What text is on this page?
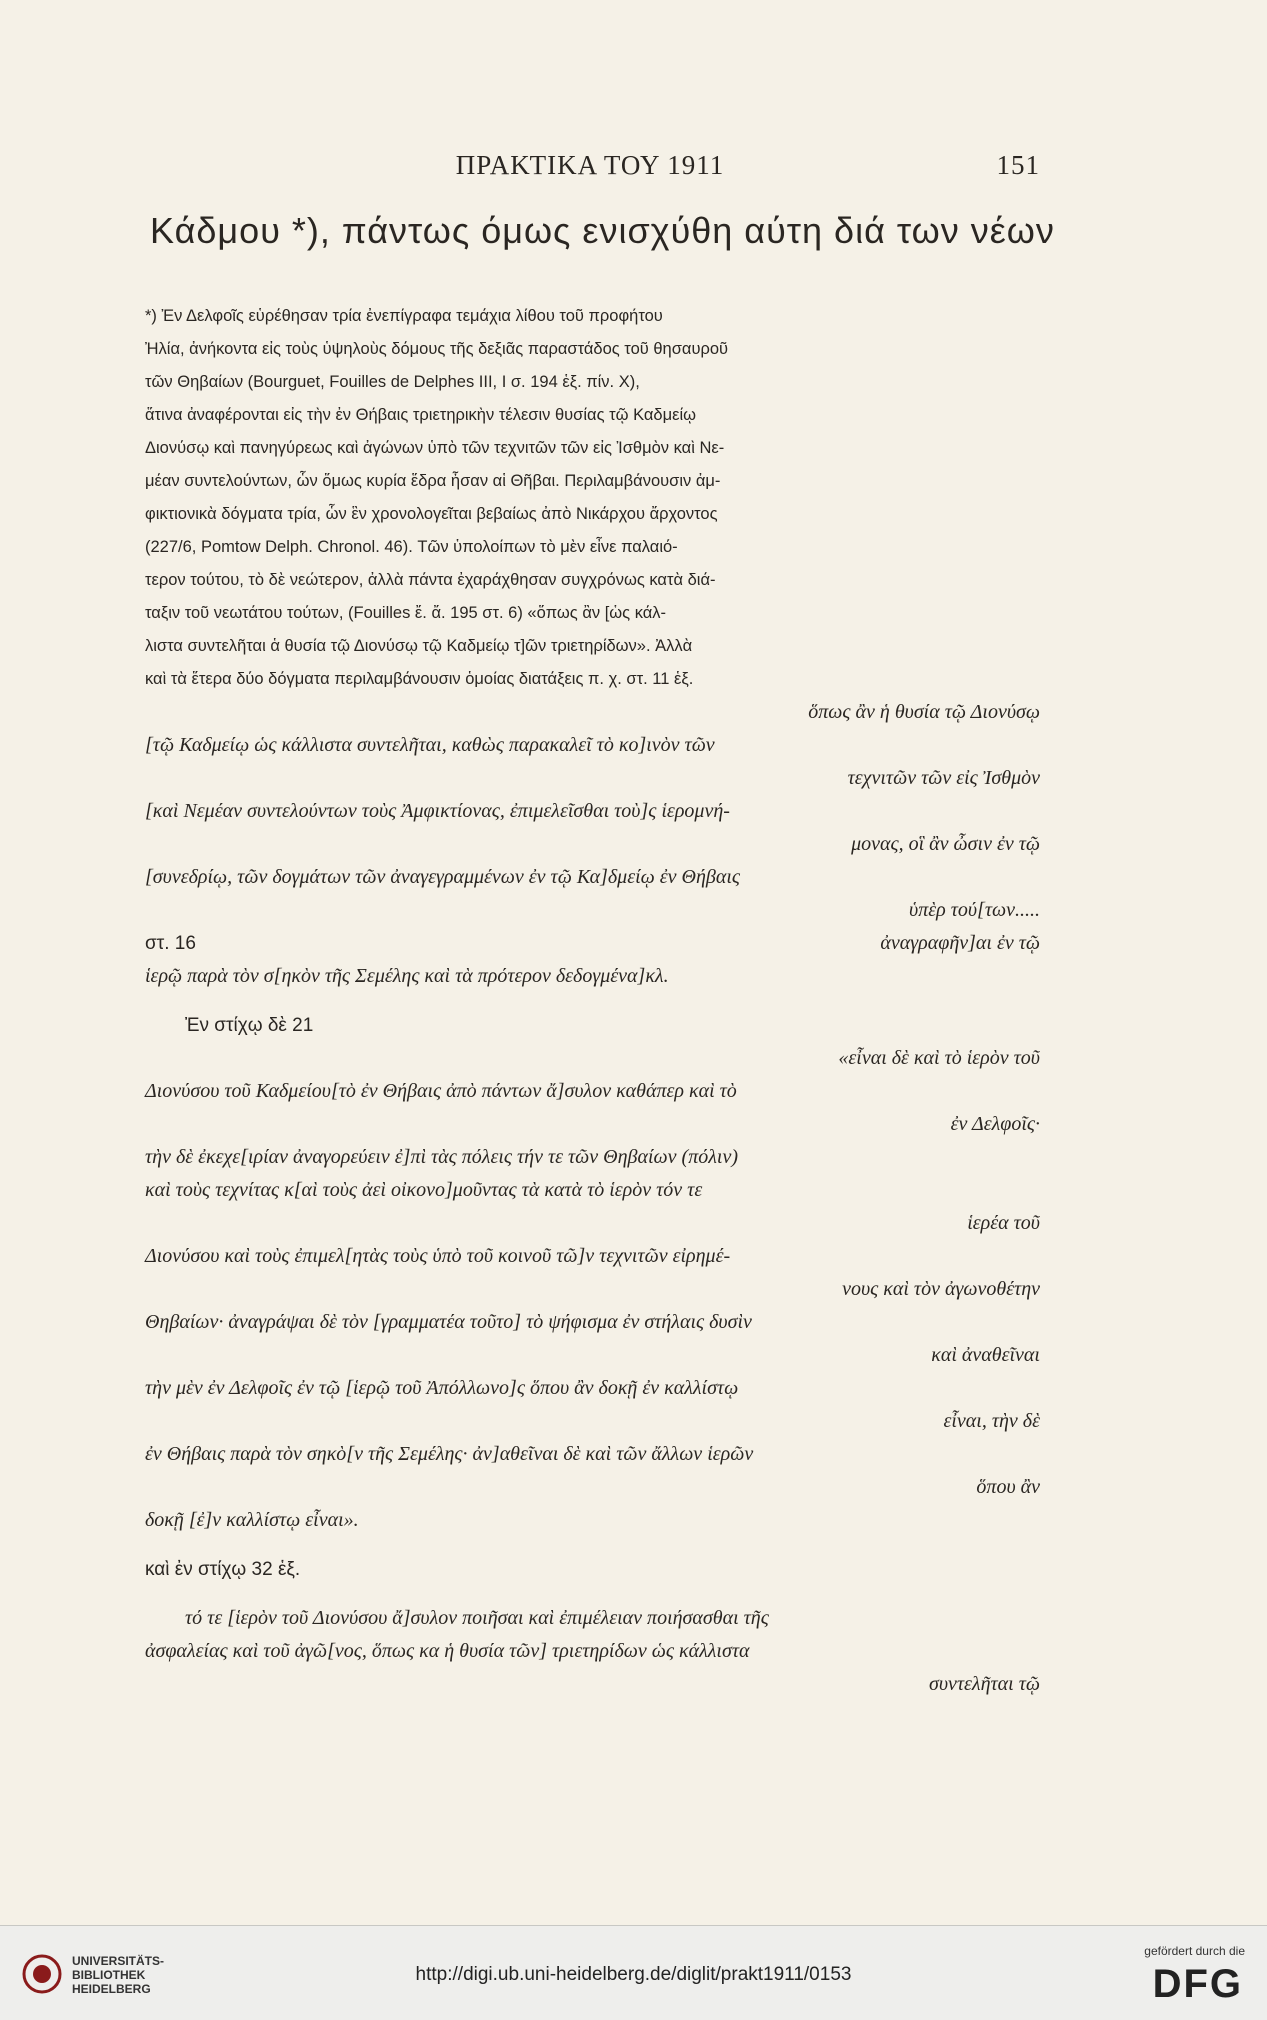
ΠΡΑΚΤΙΚΑ ΤΟΥ 1911	151
Κάδμου *), πάντως όμως ενισχύθη αύτη διά των νέων
*) Ἐν Δελφοῖς εὑρέθησαν τρία ἐνεπίγραφα τεμάχια λίθου τοῦ προφήτου
Ἠλία, ἀνήκοντα εἰς τοὺς ὑψηλοὺς δόμους τῆς δεξιᾶς παραστάδος τοῦ θησαυροῦ
τῶν Θηβαίων (Bourguet, Fouilles de Delphes III, I σ. 194 ἑξ. πίν. X),
ἅτινα ἀναφέρονται εἰς τὴν ἐν Θήβαις τριετηρικὴν τέλεσιν θυσίας τῷ Καδμείῳ
Διονύσῳ καὶ πανηγύρεως καὶ ἀγώνων ὑπὸ τῶν τεχνιτῶν τῶν εἰς Ἰσθμὸν καὶ Νε-
μέαν συντελούντων, ὧν ὅμως κυρία ἕδρα ἦσαν αἱ Θῆβαι. Περιλαμβάνουσιν ἀμ-
φικτιονικὰ δόγματα τρία, ὧν ἓν χρονολογεῖται βεβαίως ἀπὸ Νικάρχου ἄρχοντος
(227/6, Pomtow Delph. Chronol. 46). Τῶν ὑπολοίπων τὸ μὲν εἶνε παλαιό-
τερον τούτου, τὸ δὲ νεώτερον, ἀλλὰ πάντα ἐχαράχθησαν συγχρόνως κατὰ διά-
ταξιν τοῦ νεωτάτου τούτων, (Fouilles ἔ. ἄ. 195 στ. 6) «ὅπως ἂν [ὡς κάλ-
λιστα συντελῆται ἁ θυσία τῷ Διονύσῳ τῷ Καδμείῳ τ]ῶν τριετηρίδων». Ἀλλὰ
καὶ τὰ ἕτερα δύο δόγματα περιλαμβάνουσιν ὁμοίας διατάξεις π. χ. στ. 11 ἑξ.
ὅπως ἂν ἡ θυσία τῷ Διονύσῳ
[τῷ Καδμείῳ ὡς κάλλιστα συντελῆται, καθὼς παρακαλεῖ τὸ κο]ινὸν τῶν
τεχνιτῶν τῶν εἰς Ἰσθμὸν
[καὶ Νεμέαν συντελούντων τοὺς Ἀμφικτίονας, ἐπιμελεῖσθαι τοὺ]ς ἱερομνή-
μονας, οἳ ἂν ὦσιν ἐν τῷ
[συνεδρίῳ, τῶν δογμάτων τῶν ἀναγεγραμμένων ἐν τῷ Κα]δμείῳ ἐν Θήβαις
ὑπὲρ τού[των.....
στ. 16	ἀναγραφῆν]αι ἐν τῷ
ἱερῷ παρὰ τὸν σ[ηκὸν τῆς Σεμέλης καὶ τὰ πρότερον δεδογμένα]κλ.
Ἐν στίχῳ δὲ 21
«εἶναι δὲ καὶ τὸ ἱερὸν τοῦ
Διονύσου τοῦ Καδμείου[τὸ ἐν Θήβαις ἀπὸ πάντων ἄ]συλον καθάπερ καὶ τὸ
ἐν Δελφοῖς·
τὴν δὲ ἐκεχε[ιρίαν ἀναγορεύειν ἐ]πὶ τὰς πόλεις τήν τε τῶν Θηβαίων (πόλιν)
καὶ τοὺς τεχνίτας κ[αὶ τοὺς ἀεὶ οἰκονο]μοῦντας τὰ κατὰ τὸ ἱερὸν τόν τε
ἱερέα τοῦ
Διονύσου καὶ τοὺς ἐπιμελ[ητὰς τοὺς ὑπὸ τοῦ κοινοῦ τῶ]ν τεχνιτῶν εἰρημέ-
νους καὶ τὸν ἀγωνοθέτην
Θηβαίων· ἀναγράψαι δὲ τὸν [γραμματέα τοῦτο] τὸ ψήφισμα ἐν στήλαις δυσὶν
καὶ ἀναθεῖναι
τὴν μὲν ἐν Δελφοῖς ἐν τῷ [ἱερῷ τοῦ Ἀπόλλωνο]ς ὅπου ἂν δοκῇ ἐν καλλίστῳ
εἶναι, τὴν δὲ
ἐν Θήβαις παρὰ τὸν σηκὸ[ν τῆς Σεμέλης· ἀν]αθεῖναι δὲ καὶ τῶν ἄλλων ἱερῶν
ὅπου ἂν
δοκῇ [ἐ]ν καλλίστῳ εἶναι».
καὶ ἐν στίχῳ 32 ἑξ.
τό τε [ἱερὸν τοῦ Διονύσου ἄ]συλον ποιῆσαι καὶ ἐπιμέλειαν ποιήσασθαι τῆς
ἀσφαλείας καὶ τοῦ ἀγῶ[νος, ὅπως κα ἡ θυσία τῶν] τριετηρίδων ὡς κάλλιστα
συντελῆται τῷ
UNIVERSITÄTS- BIBLIOTHEK HEIDELBERG
http://digi.ub.uni-heidelberg.de/diglit/prakt1911/0153
gefördert durch die
DFG
